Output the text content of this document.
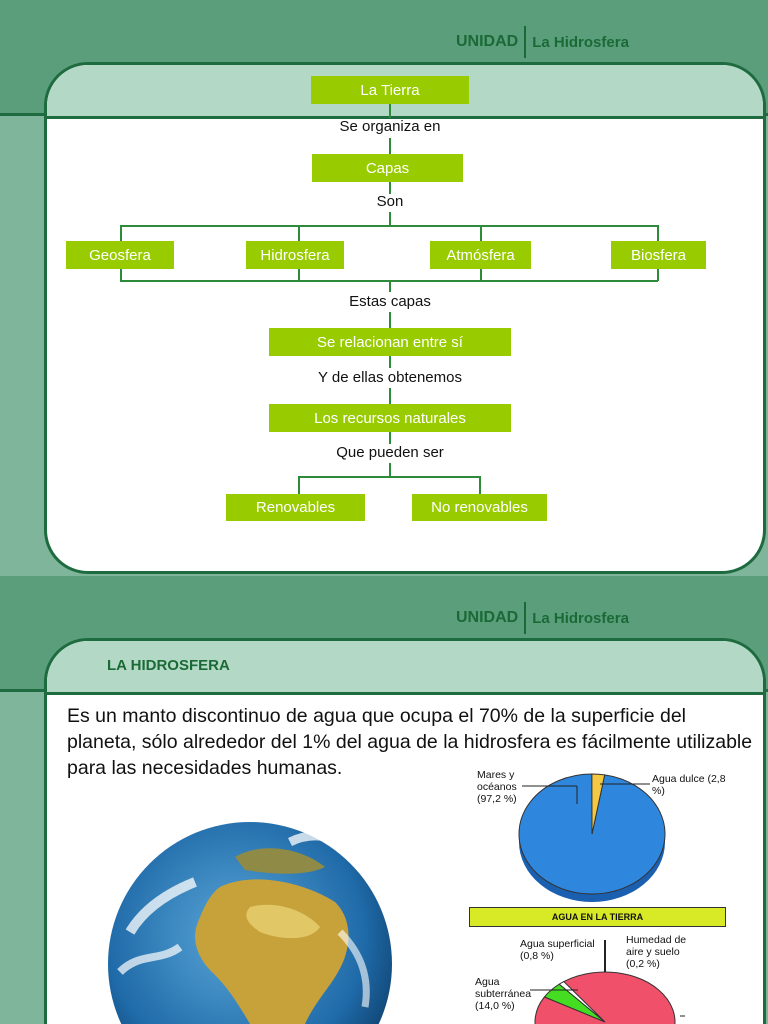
UNIDAD La Hidrosfera
La Tierra
Se organiza en
Capas
Son
Geosfera	Hidrosfera	Atmósfera	Biosfera
Estas capas
Se relacionan entre sí
Y de ellas obtenemos
Los recursos naturales
Que pueden ser
Renovables	No renovables
UNIDAD La Hidrosfera
LA HIDROSFERA
Es un manto discontinuo de agua que ocupa el 70% de la superficie del planeta, sólo alrededor del 1% del agua de la hidrosfera es fácilmente utilizable para las necesidades humanas.	Mares y océanos (97,2 %)
Agua dulce (2,8 %)
AGUA EN LA TIERRA
Agua superficial (0,8 %)
Humedad de aire y suelo (0,2 %)
Agua subterránea (14,0 %)
